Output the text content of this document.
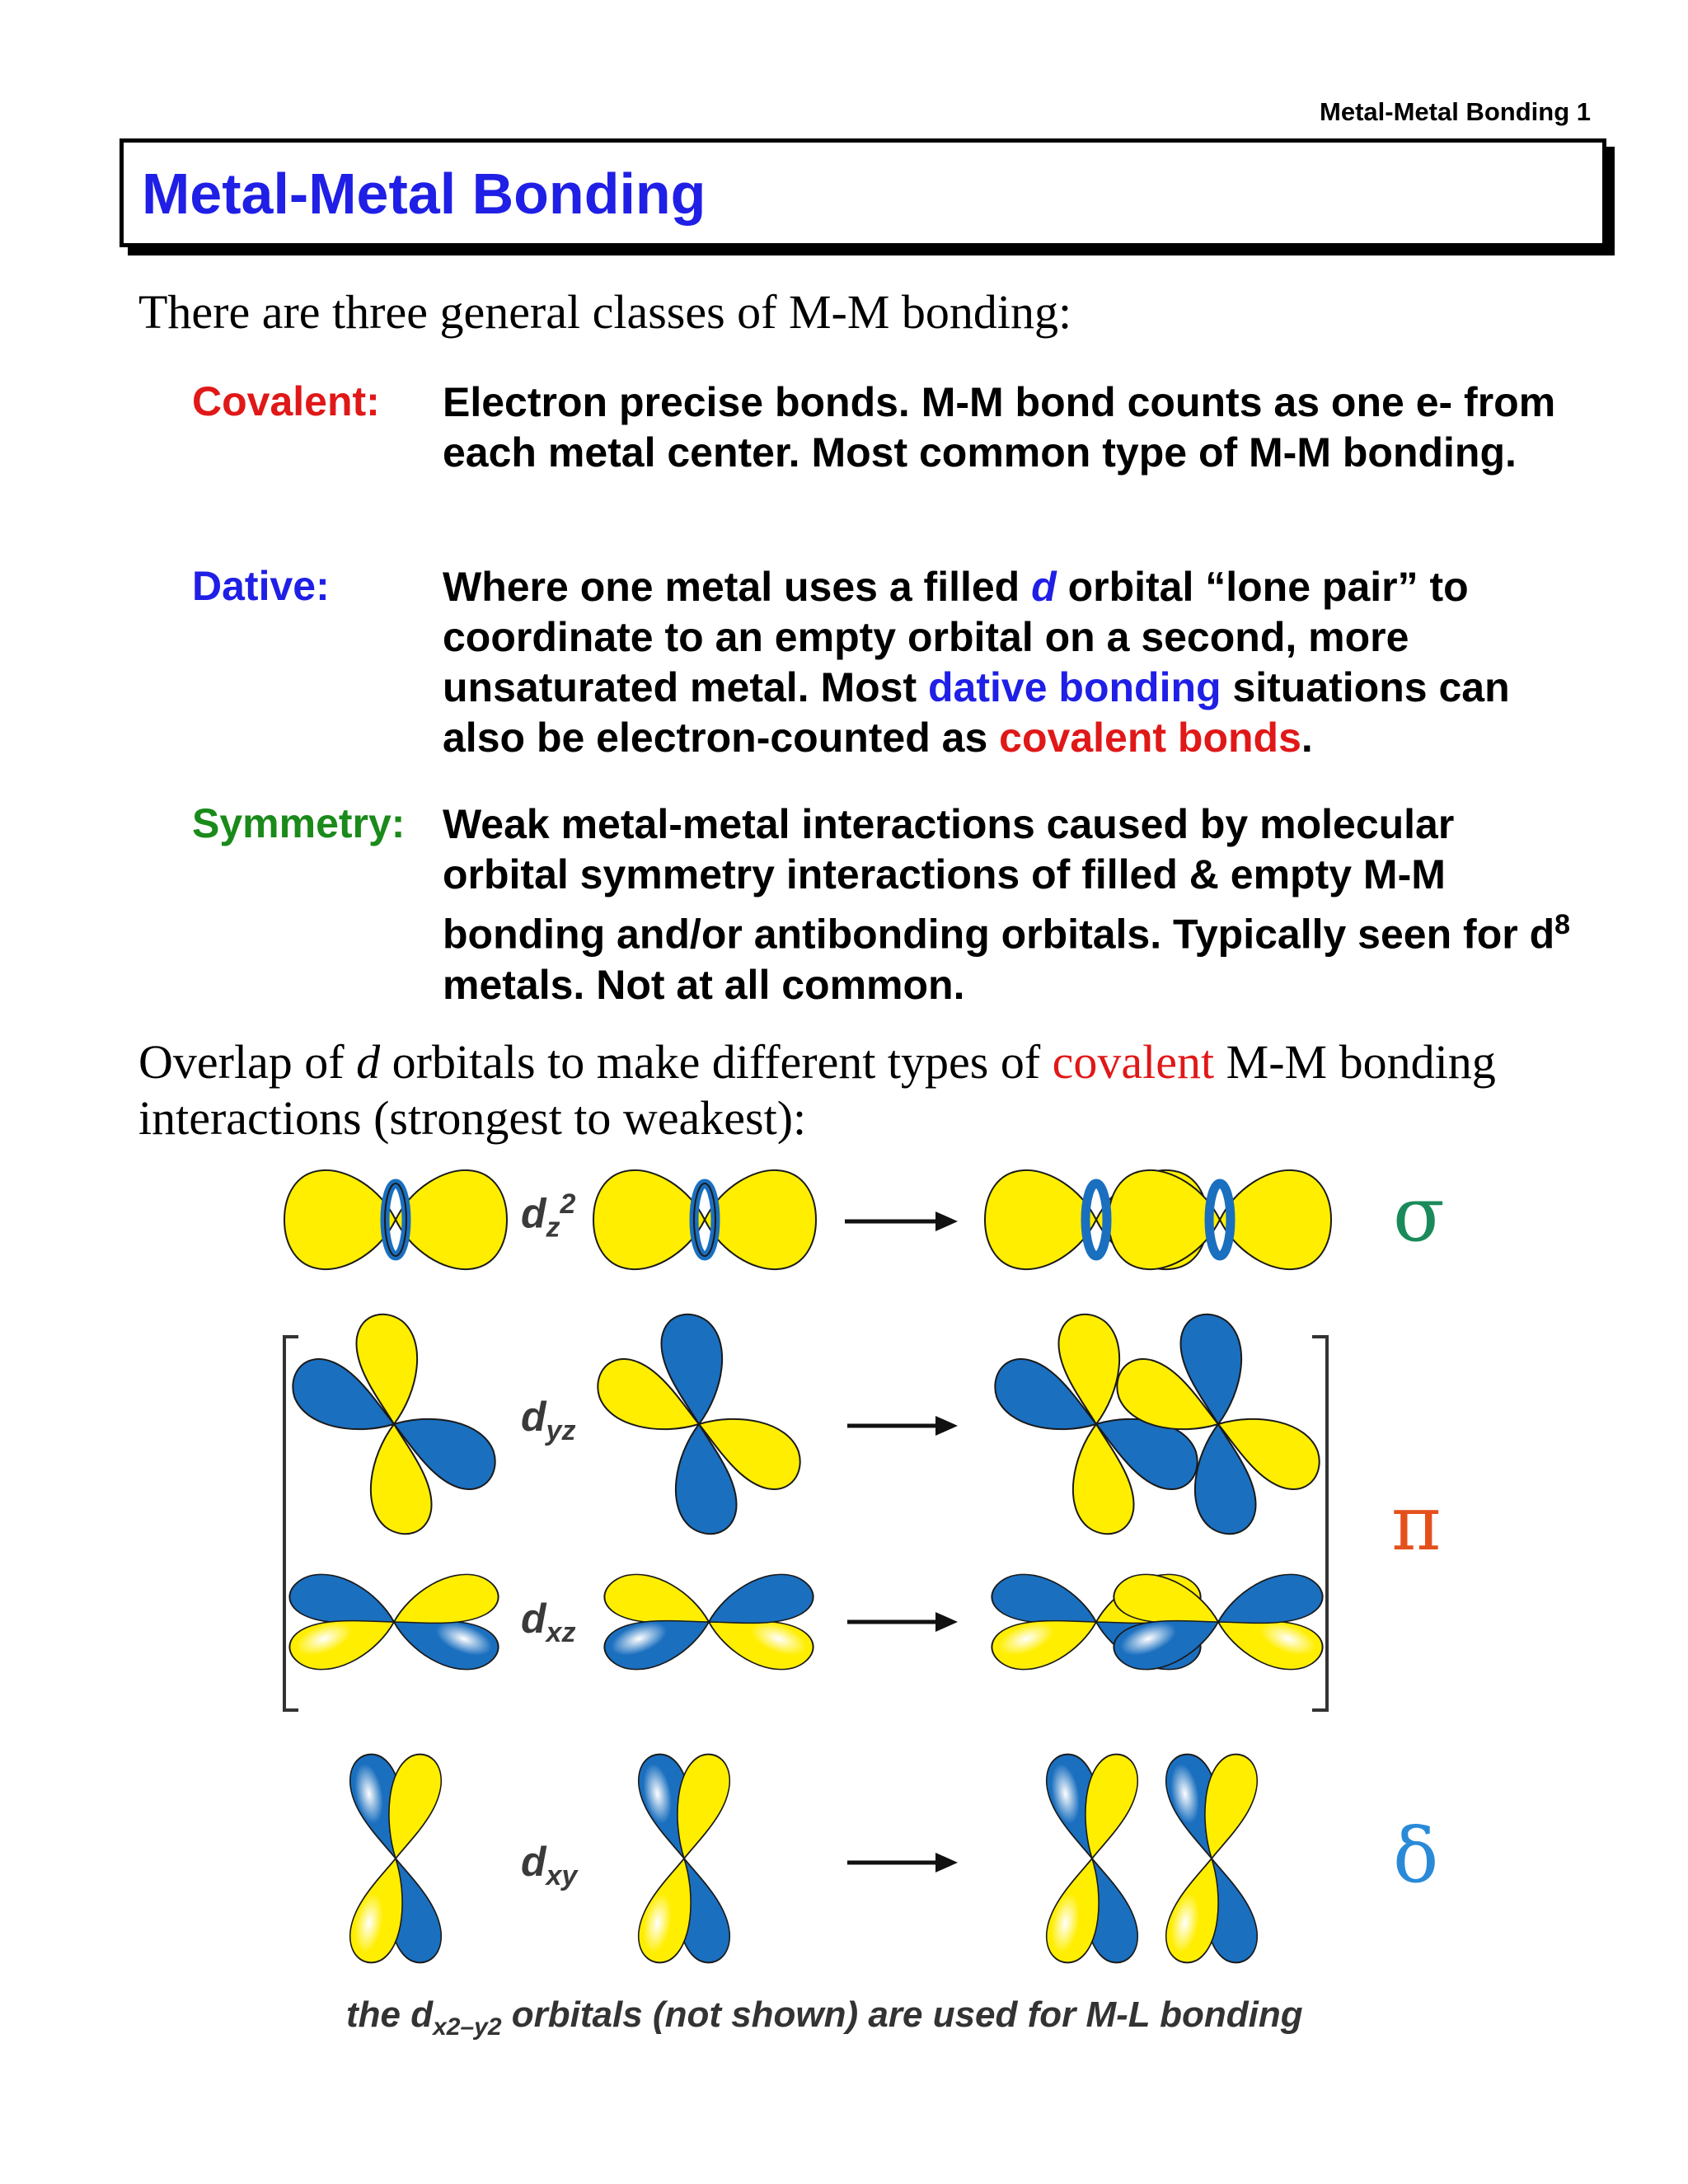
Metal-Metal Bonding 1
Metal-Metal Bonding
There are three general classes of M-M bonding:
Covalent: Electron precise bonds. M-M bond counts as one e- from each metal center. Most common type of M-M bonding.
Dative:	Where one metal uses a filled d orbital “lone pair” to coordinate to an empty orbital on a second, more unsaturated metal. Most dative bonding situations can also be electron-counted as covalent bonds.
Symmetry: Weak metal-metal interactions caused by molecular orbital symmetry interactions of filled & empty M-M bonding and/or antibonding orbitals. Typically seen for $d^8$ metals. Not at all common.
Overlap of d orbitals to make different types of covalent M-M bonding interactions (strongest to weakest):
$d_z^2$
$d_{yz}$
$d_{xz}$
$d_{xy}$
σ
π
δ
the $d_{x2-y2}$ orbitals (not shown) are used for M-L bonding
